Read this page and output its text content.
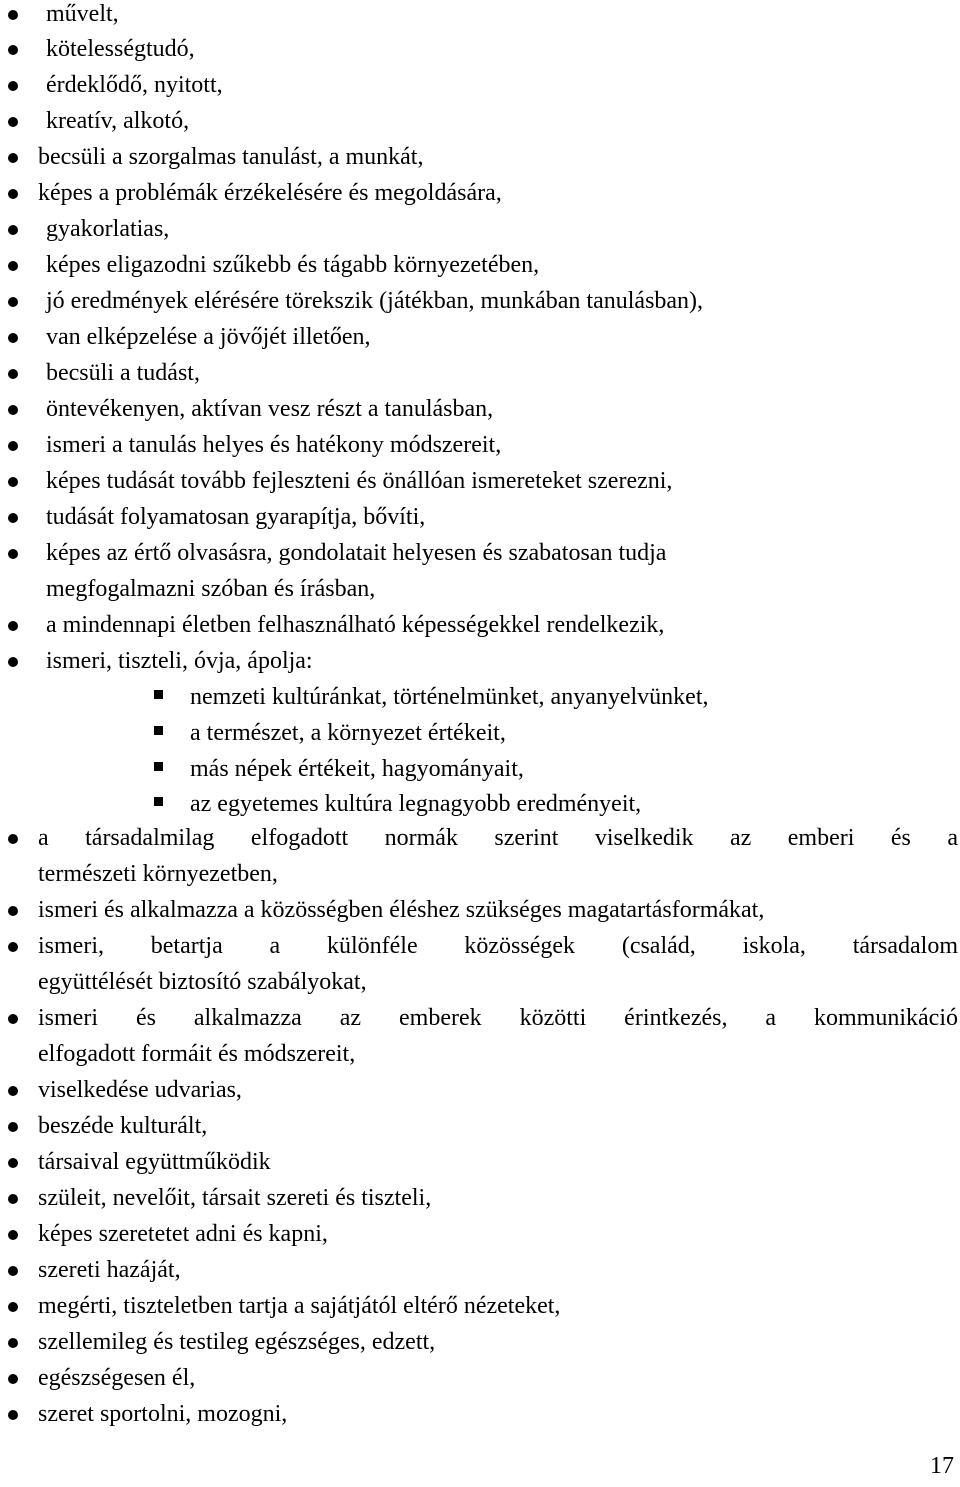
művelt,
kötelességtudó,
érdeklődő, nyitott,
kreatív, alkotó,
becsüli a szorgalmas tanulást, a munkát,
képes a problémák érzékelésére és megoldására,
gyakorlatias,
képes eligazodni szűkebb és tágabb környezetében,
jó eredmények elérésére törekszik (játékban, munkában tanulásban),
van elképzelése a jövőjét illetően,
becsüli a tudást,
öntevékenyen, aktívan vesz részt a tanulásban,
ismeri a tanulás helyes és hatékony módszereit,
képes tudását tovább fejleszteni és önállóan ismereteket szerezni,
tudását folyamatosan gyarapítja, bővíti,
képes az értő olvasásra, gondolatait helyesen és szabatosan tudja
megfogalmazni szóban és írásban,
a mindennapi életben felhasználható képességekkel rendelkezik,
ismeri, tiszteli, óvja, ápolja:
nemzeti kultúránkat, történelmünket, anyanyelvünket,
a természet, a környezet értékeit,
más népek értékeit, hagyományait,
az egyetemes kultúra legnagyobb eredményeit,
a társadalmilag elfogadott normák szerint viselkedik az emberi és a
természeti környezetben,
ismeri és alkalmazza a közösségben éléshez szükséges magatartásformákat,
ismeri, betartja a különféle közösségek (család, iskola, társadalom
együttélését biztosító szabályokat,
ismeri és alkalmazza az emberek közötti érintkezés, a kommunikáció
elfogadott formáit és módszereit,
viselkedése udvarias,
beszéde kulturált,
társaival együttműködik
szüleit, nevelőit, társait szereti és tiszteli,
képes szeretetet adni és kapni,
szereti hazáját,
megérti, tiszteletben tartja a sajátjától eltérő nézeteket,
szellemileg és testileg egészséges, edzett,
egészségesen él,
szeret sportolni, mozogni,
17
